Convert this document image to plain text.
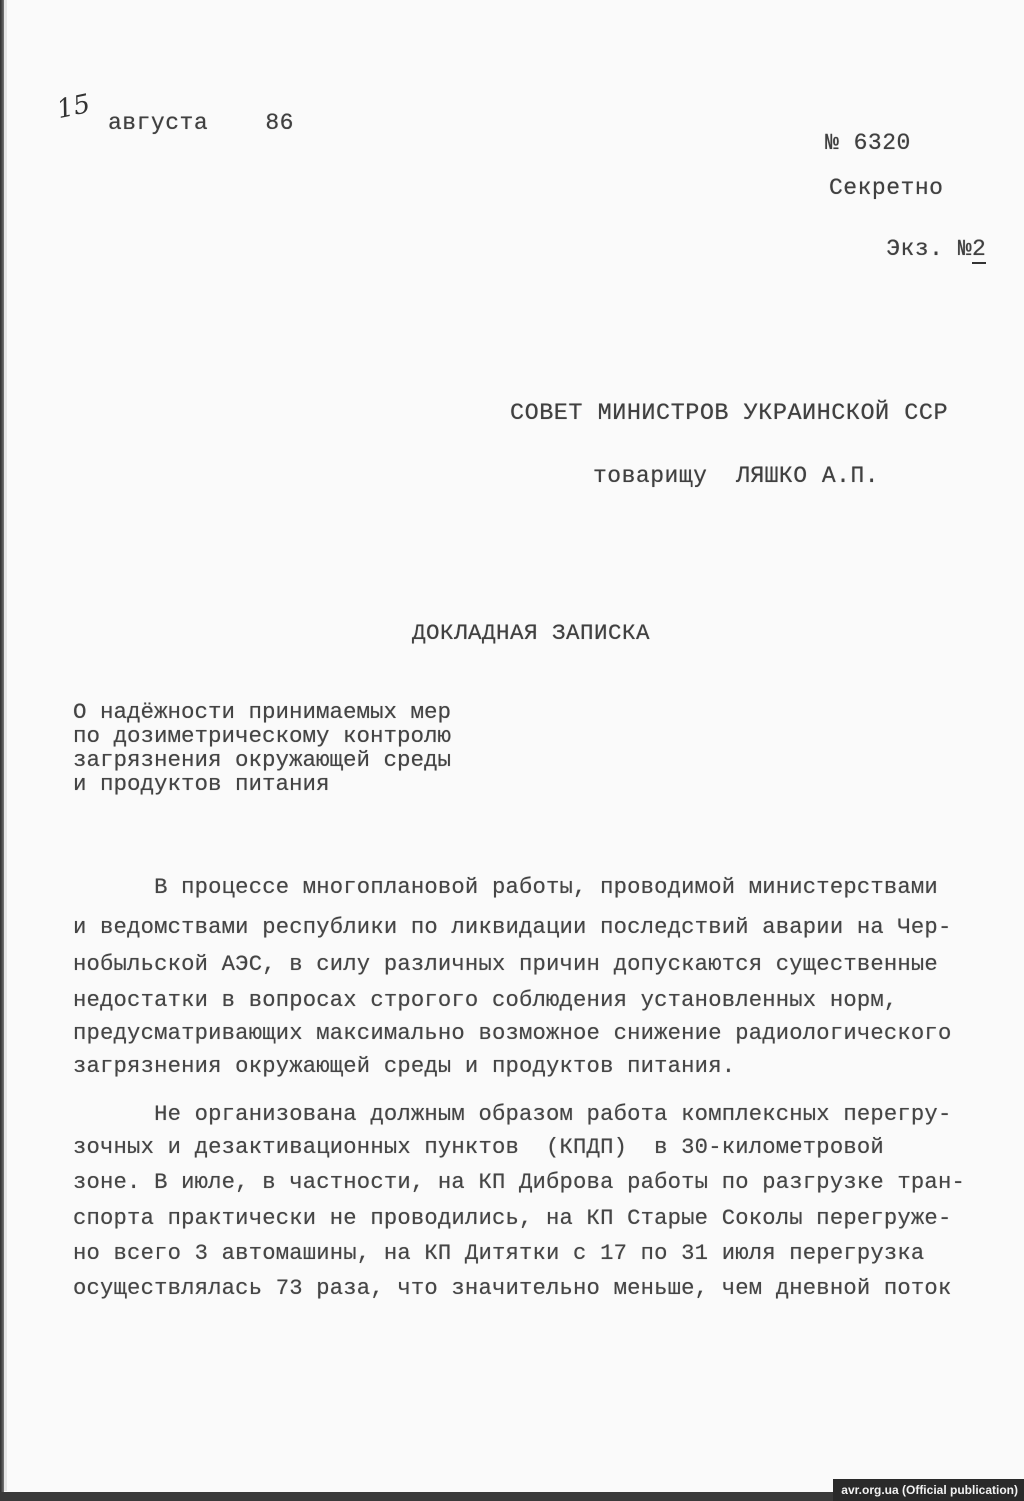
15 августа    86
№ 6320
Секретно

Экз. №2

СОВЕТ МИНИСТРОВ УКРАИНСКОЙ ССР
товарищу  ЛЯШКО А.П.
ДОКЛАДНАЯ ЗАПИСКА
О надёжности принимаемых мер
по дозиметрическому контролю
загрязнения окружающей среды
и продуктов питания
В процессе многоплановой работы, проводимой министерствами
и ведомствами республики по ликвидации последствий аварии на Чер-
нобыльской АЭС, в силу различных причин допускаются существенные
недостатки в вопросах строгого соблюдения установленных норм,
предусматривающих максимально возможное снижение радиологического
загрязнения окружающей среды и продуктов питания.
Не организована должным образом работа комплексных перегру-
зочных и дезактивационных пунктов  (КПДП)  в 30-километровой
зоне. В июле, в частности, на КП Диброва работы по разгрузке тран-
спорта практически не проводились, на КП Старые Соколы перегруже-
но всего 3 автомашины, на КП Дитятки с 17 по 31 июля перегрузка
осуществлялась 73 раза, что значительно меньше, чем дневной поток
avr.org.ua (Official publication)
